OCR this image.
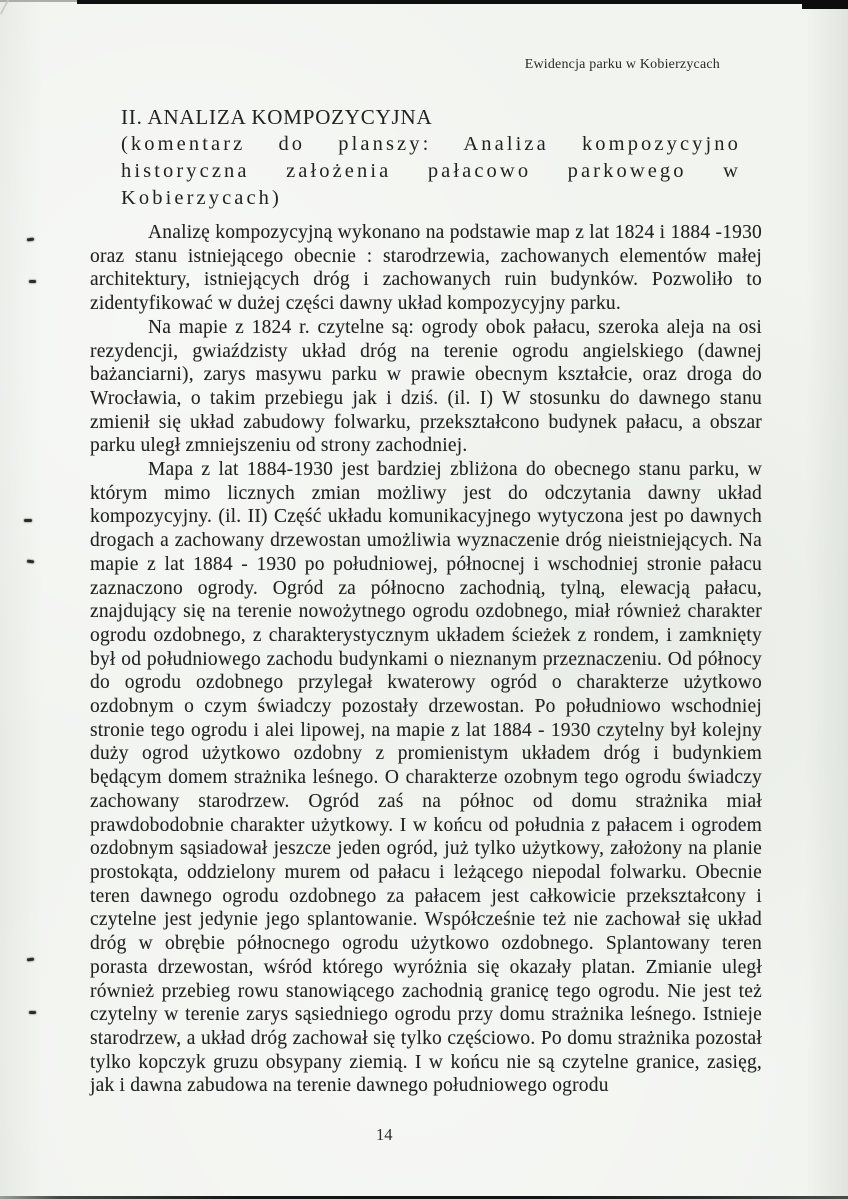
Ewidencja parku w Kobierzycach
II. ANALIZA KOMPOZYCYJNA
(komentarz do planszy: Analiza kompozycyjno
historyczna założenia pałacowo parkowego w
Kobierzycach)

Analizę kompozycyjną wykonano na podstawie map z lat 1824 i 1884 -1930 oraz stanu istniejącego obecnie : starodrzewia, zachowanych elementów małej architektury, istniejących dróg i zachowanych ruin budynków. Pozwoliło to zidentyfikować w dużej części dawny układ kompozycyjny parku.

Na mapie z 1824 r. czytelne są: ogrody obok pałacu, szeroka aleja na osi rezydencji, gwiaździsty układ dróg na terenie ogrodu angielskiego (dawnej bażanciarni), zarys masywu parku w prawie obecnym kształcie, oraz droga do Wrocławia, o takim przebiegu jak i dziś. (il. I) W stosunku do dawnego stanu zmienił się układ zabudowy folwarku, przekształcono budynek pałacu, a obszar parku uległ zmniejszeniu od strony zachodniej.

Mapa z lat 1884-1930 jest bardziej zbliżona do obecnego stanu parku, w którym mimo licznych zmian możliwy jest do odczytania dawny układ kompozycyjny. (il. II) Część układu komunikacyjnego wytyczona jest po dawnych drogach a zachowany drzewostan umożliwia wyznaczenie dróg nieistniejących. Na mapie z lat 1884 - 1930 po południowej, północnej i wschodniej stronie pałacu zaznaczono ogrody. Ogród za północno zachodnią, tylną, elewacją pałacu, znajdujący się na terenie nowożytnego ogrodu ozdobnego, miał również charakter ogrodu ozdobnego, z charakterystycznym układem ścieżek z rondem, i zamknięty był od południowego zachodu budynkami o nieznanym przeznaczeniu. Od północy do ogrodu ozdobnego przylegał kwaterowy ogród o charakterze użytkowo ozdobnym o czym świadczy pozostały drzewostan. Po południowo wschodniej stronie tego ogrodu i alei lipowej, na mapie z lat 1884 - 1930 czytelny był kolejny duży ogrod użytkowo ozdobny z promienistym układem dróg i budynkiem będącym domem strażnika leśnego. O charakterze ozobnym tego ogrodu świadczy zachowany starodrzew. Ogród zaś na północ od domu strażnika miał prawdobodobnie charakter użytkowy. I w końcu od południa z pałacem i ogrodem ozdobnym sąsiadował jeszcze jeden ogród, już tylko użytkowy, założony na planie prostokąta, oddzielony murem od pałacu i leżącego niepodal folwarku. Obecnie teren dawnego ogrodu ozdobnego za pałacem jest całkowicie przekształcony i czytelne jest jedynie jego splantowanie. Współcześnie też nie zachował się układ dróg w obrębie północnego ogrodu użytkowo ozdobnego. Splantowany teren porasta drzewostan, wśród którego wyróżnia się okazały platan. Zmianie uległ również przebieg rowu stanowiącego zachodnią granicę tego ogrodu. Nie jest też czytelny w terenie zarys sąsiedniego ogrodu przy domu strażnika leśnego. Istnieje starodrzew, a układ dróg zachował się tylko częściowo. Po domu strażnika pozostał tylko kopczyk gruzu obsypany ziemią. I w końcu nie są czytelne granice, zasięg, jak i dawna zabudowa na terenie dawnego południowego ogrodu

14
